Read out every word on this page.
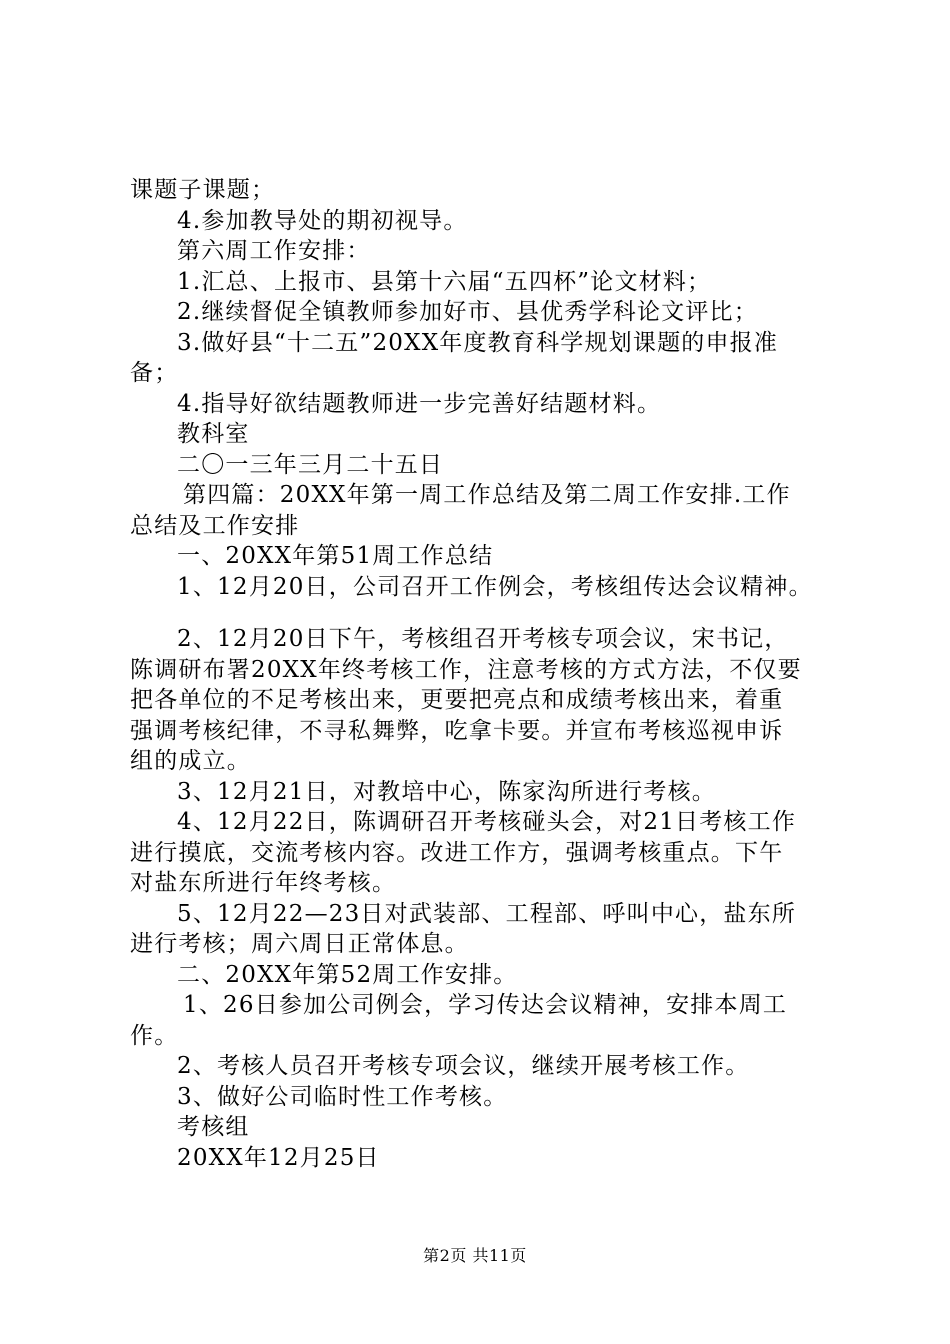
课题子课题；
4.参加教导处的期初视导。
第六周工作安排：
1.汇总、上报市、县第十六届“五四杯”论文材料；
2.继续督促全镇教师参加好市、县优秀学科论文评比；
3.做好县“十二五”20XX年度教育科学规划课题的申报准
备；
4.指导好欲结题教师进一步完善好结题材料。
教科室
二〇一三年三月二十五日
第四篇：20XX年第一周工作总结及第二周工作安排.工作
总结及工作安排
一、20XX年第51周工作总结
1、12月20日，公司召开工作例会，考核组传达会议精神。
2、12月20日下午，考核组召开考核专项会议，宋书记，
陈调研布署20XX年终考核工作，注意考核的方式方法，不仅要
把各单位的不足考核出来，更要把亮点和成绩考核出来，着重
强调考核纪律，不寻私舞弊，吃拿卡要。并宣布考核巡视申诉
组的成立。
3、12月21日，对教培中心，陈家沟所进行考核。
4、12月22日，陈调研召开考核碰头会，对21日考核工作
进行摸底，交流考核内容。改进工作方，强调考核重点。下午
对盐东所进行年终考核。
5、12月22—23日对武装部、工程部、呼叫中心，盐东所
进行考核；周六周日正常体息。
二、20XX年第52周工作安排。
1、26日参加公司例会，学习传达会议精神，安排本周工
作。
2、考核人员召开考核专项会议，继续开展考核工作。
3、做好公司临时性工作考核。
考核组
20XX年12月25日
第2页 共11页
